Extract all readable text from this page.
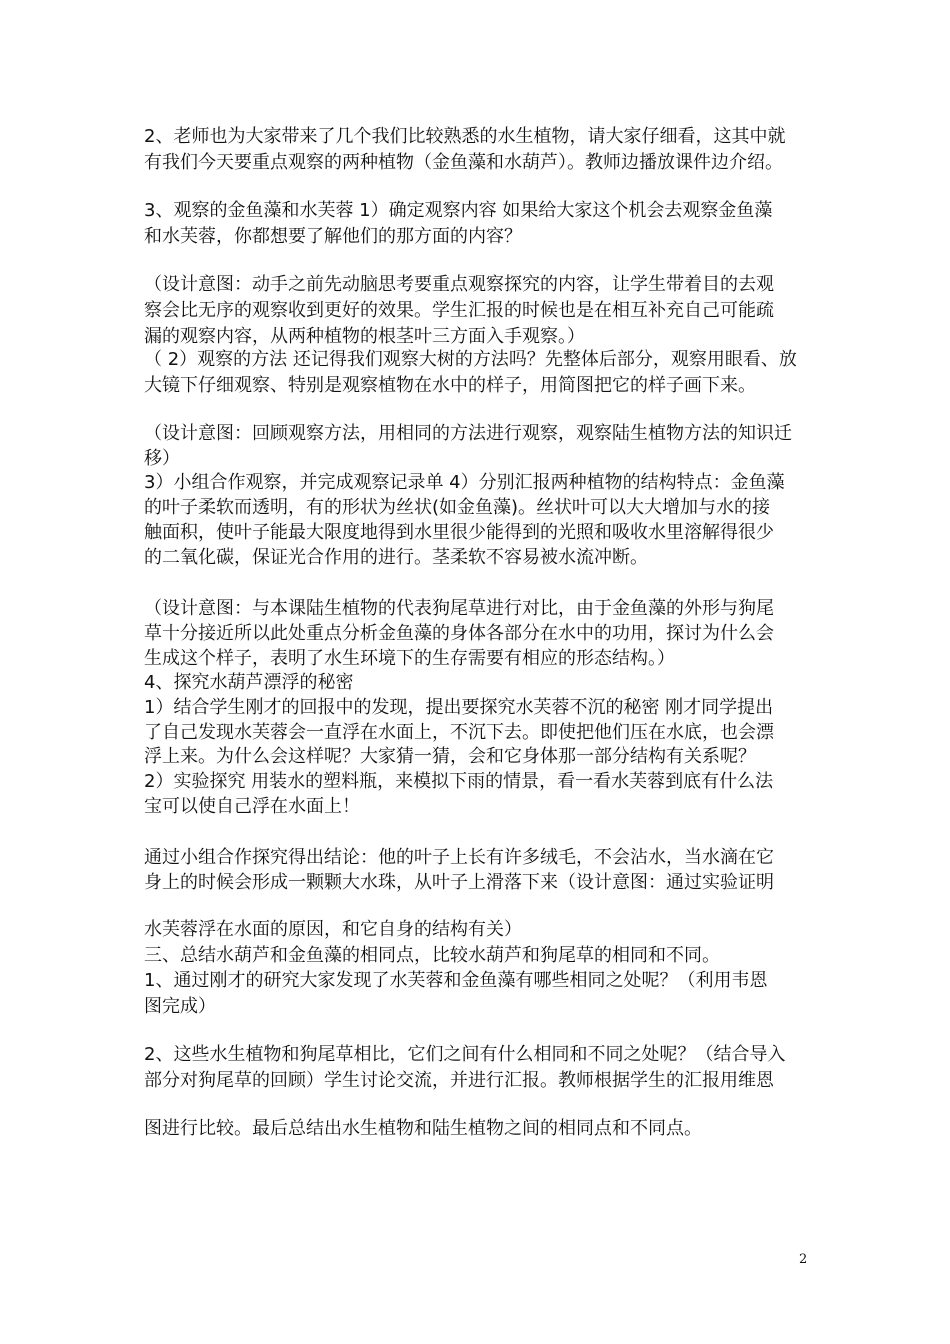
2、老师也为大家带来了几个我们比较熟悉的水生植物，请大家仔细看，这其中就
有我们今天要重点观察的两种植物（金鱼藻和水葫芦）。教师边播放课件边介绍。
3、观察的金鱼藻和水芙蓉 1）确定观察内容 如果给大家这个机会去观察金鱼藻
和水芙蓉，你都想要了解他们的那方面的内容？
（设计意图：动手之前先动脑思考要重点观察探究的内容，让学生带着目的去观
察会比无序的观察收到更好的效果。学生汇报的时候也是在相互补充自己可能疏
漏的观察内容，从两种植物的根茎叶三方面入手观察。）
（ 2）观察的方法 还记得我们观察大树的方法吗？先整体后部分，观察用眼看、放
大镜下仔细观察、特别是观察植物在水中的样子，用简图把它的样子画下来。
（设计意图：回顾观察方法，用相同的方法进行观察，观察陆生植物方法的知识迁
移）
3）小组合作观察，并完成观察记录单 4）分别汇报两种植物的结构特点：金鱼藻
的叶子柔软而透明，有的形状为丝状(如金鱼藻)。丝状叶可以大大增加与水的接
触面积，使叶子能最大限度地得到水里很少能得到的光照和吸收水里溶解得很少
的二氧化碳，保证光合作用的进行。茎柔软不容易被水流冲断。
（设计意图：与本课陆生植物的代表狗尾草进行对比，由于金鱼藻的外形与狗尾
草十分接近所以此处重点分析金鱼藻的身体各部分在水中的功用，探讨为什么会
生成这个样子，表明了水生环境下的生存需要有相应的形态结构。）
4、探究水葫芦漂浮的秘密
1）结合学生刚才的回报中的发现，提出要探究水芙蓉不沉的秘密 刚才同学提出
了自己发现水芙蓉会一直浮在水面上，不沉下去。即使把他们压在水底，也会漂
浮上来。为什么会这样呢？大家猜一猜，会和它身体那一部分结构有关系呢？
2）实验探究 用装水的塑料瓶，来模拟下雨的情景，看一看水芙蓉到底有什么法
宝可以使自己浮在水面上！
通过小组合作探究得出结论：他的叶子上长有许多绒毛，不会沾水，当水滴在它
身上的时候会形成一颗颗大水珠，从叶子上滑落下来（设计意图：通过实验证明
水芙蓉浮在水面的原因，和它自身的结构有关）
三、总结水葫芦和金鱼藻的相同点，比较水葫芦和狗尾草的相同和不同。
1、通过刚才的研究大家发现了水芙蓉和金鱼藻有哪些相同之处呢？（利用韦恩
图完成）
2、这些水生植物和狗尾草相比，它们之间有什么相同和不同之处呢？（结合导入
部分对狗尾草的回顾）学生讨论交流，并进行汇报。教师根据学生的汇报用维恩
图进行比较。最后总结出水生植物和陆生植物之间的相同点和不同点。
2
